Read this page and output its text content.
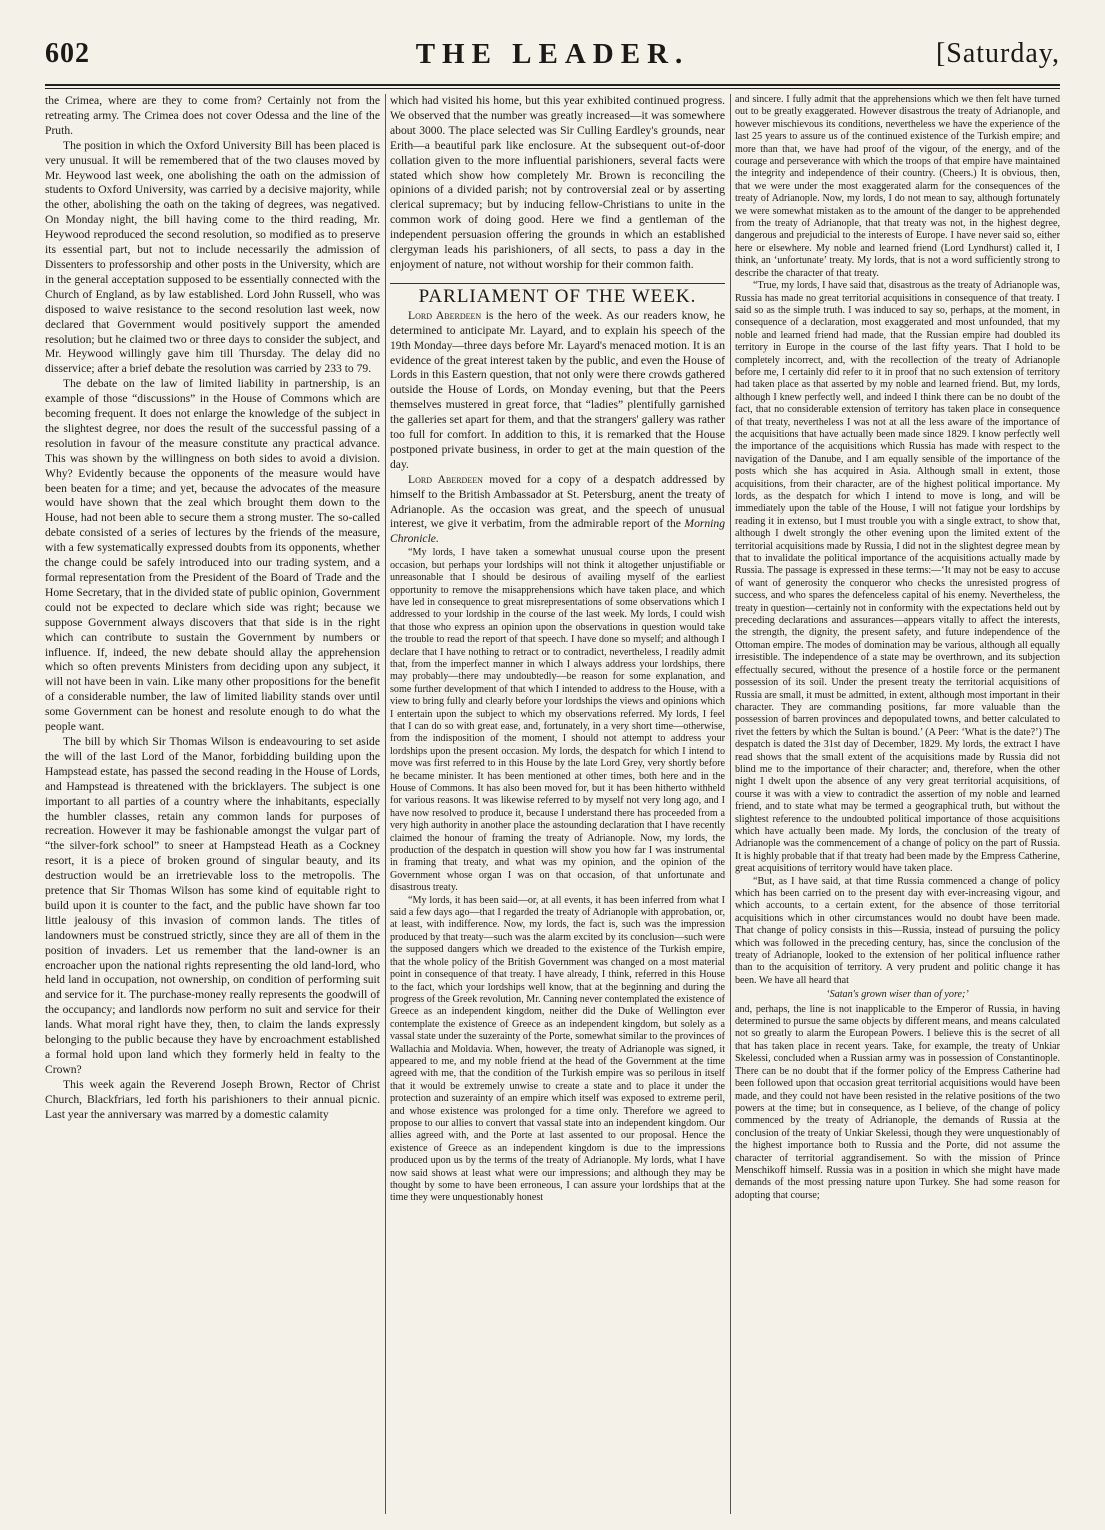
THE LEADER.
602	[Saturday,

the Crimea, where are they to come from? Certainly not from the retreating army. The Crimea does not cover Odessa and the line of the Pruth.

The position in which the Oxford University Bill has been placed is very unusual. It will be remembered that of the two clauses moved by Mr. Heywood last week, one abolishing the oath on the admission of students to Oxford University, was carried by a decisive majority, while the other, abolishing the oath on the taking of degrees, was negatived. On Monday night, the bill having come to the third reading, Mr. Heywood reproduced the second resolution, so modified as to preserve its essential part, but not to include necessarily the admission of Dissenters to professorship and other posts in the University, which are in the general acceptation supposed to be essentially connected with the Church of England, as by law established. Lord John Russell, who was disposed to waive resistance to the second resolution last week, now declared that Government would positively support the amended resolution; but he claimed two or three days to consider the subject, and Mr. Heywood willingly gave him till Thursday. The delay did no disservice; after a brief debate the resolution was carried by 233 to 79.

The debate on the law of limited liability in partnership, is an example of those “discussions” in the House of Commons which are becoming frequent. It does not enlarge the knowledge of the subject in the slightest degree, nor does the result of the successful passing of a resolution in favour of the measure constitute any practical advance. This was shown by the willingness on both sides to avoid a division. Why? Evidently because the opponents of the measure would have been beaten for a time; and yet, because the advocates of the measure would have shown that the zeal which brought them down to the House, had not been able to secure them a strong muster. The so-called debate consisted of a series of lectures by the friends of the measure, with a few systematically expressed doubts from its opponents, whether the change could be safely introduced into our trading system, and a formal representation from the President of the Board of Trade and the Home Secretary, that in the divided state of public opinion, Government could not be expected to declare which side was right; because we suppose Government always discovers that that side is in the right which can contribute to sustain the Government by numbers or influence. If, indeed, the new debate should allay the apprehension which so often prevents Ministers from deciding upon any subject, it will not have been in vain. Like many other propositions for the benefit of a considerable number, the law of limited liability stands over until some Government can be honest and resolute enough to do what the people want.

The bill by which Sir Thomas Wilson is endeavouring to set aside the will of the last Lord of the Manor, forbidding building upon the Hampstead estate, has passed the second reading in the House of Lords, and Hampstead is threatened with the bricklayers. The subject is one important to all parties of a country where the inhabitants, especially the humbler classes, retain any common lands for purposes of recreation. However it may be fashionable amongst the vulgar part of “the silver-fork school” to sneer at Hampstead Heath as a Cockney resort, it is a piece of broken ground of singular beauty, and its destruction would be an irretrievable loss to the metropolis. The pretence that Sir Thomas Wilson has some kind of equitable right to build upon it is counter to the fact, and the public have shown far too little jealousy of this invasion of common lands. The titles of landowners must be construed strictly, since they are all of them in the position of invaders. Let us remember that the land-owner is an encroacher upon the national rights representing the old land-lord, who held land in occupation, not ownership, on condition of performing suit and service for it. The purchase-money really represents the goodwill of the occupancy; and landlords now perform no suit and service for their lands. What moral right have they, then, to claim the lands expressly belonging to the public because they have by encroachment established a formal hold upon land which they formerly held in fealty to the Crown?

This week again the Reverend Joseph Brown, Rector of Christ Church, Blackfriars, led forth his parishioners to their annual picnic. Last year the anniversary was marred by a domestic calamity

which had visited his home, but this year exhibited continued progress. We observed that the number was greatly increased—it was somewhere about 3000. The place selected was Sir Culling Eardley's grounds, near Erith—a beautiful park like enclosure. At the subsequent out-of-door collation given to the more influential parishioners, several facts were stated which show how completely Mr. Brown is reconciling the opinions of a divided parish; not by controversial zeal or by asserting clerical supremacy; but by inducing fellow-Christians to unite in the common work of doing good. Here we find a gentleman of the independent persuasion offering the grounds in which an established clergyman leads his parishioners, of all sects, to pass a day in the enjoyment of nature, not without worship for their common faith.

PARLIAMENT OF THE WEEK.

Lord Aberdeen is the hero of the week. As our readers know, he determined to anticipate Mr. Layard, and to explain his speech of the 19th Monday—three days before Mr. Layard's menaced motion. It is an evidence of the great interest taken by the public, and even the House of Lords in this Eastern question, that not only were there crowds gathered outside the House of Lords, on Monday evening, but that the Peers themselves mustered in great force, that “ladies” plentifully garnished the galleries set apart for them, and that the strangers' gallery was rather too full for comfort. In addition to this, it is remarked that the House postponed private business, in order to get at the main question of the day.

Lord Aberdeen moved for a copy of a despatch addressed by himself to the British Ambassador at St. Petersburg, anent the treaty of Adrianople. As the occasion was great, and the speech of unusual interest, we give it verbatim, from the admirable report of the Morning Chronicle.

“My lords, I have taken a somewhat unusual course upon the present occasion, but perhaps your lordships will not think it altogether unjustifiable or unreasonable that I should be desirous of availing myself of the earliest opportunity to remove the misapprehensions which have taken place, and which have led in consequence to great misrepresentations of some observations which I addressed to your lordship in the course of the last week. My lords, I could wish that those who express an opinion upon the observations in question would take the trouble to read the report of that speech. I have done so myself; and although I declare that I have nothing to retract or to contradict, nevertheless, I readily admit that, from the imperfect manner in which I always address your lordships, there may probably—there may undoubtedly—be reason for some explanation, and some further development of that which I intended to address to the House, with a view to bring fully and clearly before your lordships the views and opinions which I entertain upon the subject to which my observations referred. My lords, I feel that I can do so with great ease, and, fortunately, in a very short time—otherwise, from the indisposition of the moment, I should not attempt to address your lordships upon the present occasion. My lords, the despatch for which I intend to move was first referred to in this House by the late Lord Grey, very shortly before he became minister. It has been mentioned at other times, both here and in the House of Commons. It has also been moved for, but it has been hitherto withheld for various reasons. It was likewise referred to by myself not very long ago, and I have now resolved to produce it, because I understand there has proceeded from a very high authority in another place the astounding declaration that I have recently claimed the honour of framing the treaty of Adrianople. Now, my lords, the production of the despatch in question will show you how far I was instrumental in framing that treaty, and what was my opinion, and the opinion of the Government whose organ I was on that occasion, of that unfortunate and disastrous treaty.

“My lords, it has been said—or, at all events, it has been inferred from what I said a few days ago—that I regarded the treaty of Adrianople with approbation, or, at least, with indifference. Now, my lords, the fact is, such was the impression produced by that treaty—such was the alarm excited by its conclusion—such were the supposed dangers which we dreaded to the existence of the Turkish empire, that the whole policy of the British Government was changed on a most material point in consequence of that treaty. I have already, I think, referred in this House to the fact, which your lordships well know, that at the beginning and during the progress of the Greek revolution, Mr. Canning never contemplated the existence of Greece as an independent kingdom, neither did the Duke of Wellington ever contemplate the existence of Greece as an independent kingdom, but solely as a vassal state under the suzerainty of the Porte, somewhat similar to the provinces of Wallachia and Moldavia. When, however, the treaty of Adrianople was signed, it appeared to me, and my noble friend at the head of the Government at the time agreed with me, that the condition of the Turkish empire was so perilous in itself that it would be extremely unwise to create a state and to place it under the protection and suzerainty of an empire which itself was exposed to extreme peril, and whose existence was prolonged for a time only. Therefore we agreed to propose to our allies to convert that vassal state into an independent kingdom. Our allies agreed with, and the Porte at last assented to our proposal. Hence the existence of Greece as an independent kingdom is due to the impressions produced upon us by the terms of the treaty of Adrianople. My lords, what I have now said shows at least what were our impressions; and although they may be thought by some to have been erroneous, I can assure your lordships that at the time they were unquestionably honest

and sincere. I fully admit that the apprehensions which we then felt have turned out to be greatly exaggerated. However disastrous the treaty of Adrianople, and however mischievous its conditions, nevertheless we have the experience of the last 25 years to assure us of the continued existence of the Turkish empire; and more than that, we have had proof of the vigour, of the energy, and of the courage and perseverance with which the troops of that empire have maintained the integrity and independence of their country. (Cheers.) It is obvious, then, that we were under the most exaggerated alarm for the consequences of the treaty of Adrianople. Now, my lords, I do not mean to say, although fortunately we were somewhat mistaken as to the amount of the danger to be apprehended from the treaty of Adrianople, that that treaty was not, in the highest degree, dangerous and prejudicial to the interests of Europe. I have never said so, either here or elsewhere. My noble and learned friend (Lord Lyndhurst) called it, I think, an ‘unfortunate’ treaty. My lords, that is not a word sufficiently strong to describe the character of that treaty.

“True, my lords, I have said that, disastrous as the treaty of Adrianople was, Russia has made no great territorial acquisitions in consequence of that treaty. I said so as the simple truth. I was induced to say so, perhaps, at the moment, in consequence of a declaration, most exaggerated and most unfounded, that my noble and learned friend had made, that the Russian empire had doubled its territory in Europe in the course of the last fifty years. That I hold to be completely incorrect, and, with the recollection of the treaty of Adrianople before me, I certainly did refer to it in proof that no such extension of territory had taken place as that asserted by my noble and learned friend. But, my lords, although I knew perfectly well, and indeed I think there can be no doubt of the fact, that no considerable extension of territory has taken place in consequence of that treaty, nevertheless I was not at all the less aware of the importance of the acquisitions that have actually been made since 1829. I know perfectly well the importance of the acquisitions which Russia has made with respect to the navigation of the Danube, and I am equally sensible of the importance of the posts which she has acquired in Asia. Although small in extent, those acquisitions, from their character, are of the highest political importance. My lords, as the despatch for which I intend to move is long, and will be immediately upon the table of the House, I will not fatigue your lordships by reading it in extenso, but I must trouble you with a single extract, to show that, although I dwelt strongly the other evening upon the limited extent of the territorial acquisitions made by Russia, I did not in the slightest degree mean by that to invalidate the political importance of the acquisitions actually made by Russia. The passage is expressed in these terms:—‘It may not be easy to accuse of want of generosity the conqueror who checks the unresisted progress of success, and who spares the defenceless capital of his enemy. Nevertheless, the treaty in question—certainly not in conformity with the expectations held out by preceding declarations and assurances—appears vitally to affect the interests, the strength, the dignity, the present safety, and future independence of the Ottoman empire. The modes of domination may be various, although all equally irresistible. The independence of a state may be overthrown, and its subjection effectually secured, without the presence of a hostile force or the permanent possession of its soil. Under the present treaty the territorial acquisitions of Russia are small, it must be admitted, in extent, although most important in their character. They are commanding positions, far more valuable than the possession of barren provinces and depopulated towns, and better calculated to rivet the fetters by which the Sultan is bound.’ (A Peer: ‘What is the date?’) The despatch is dated the 31st day of December, 1829. My lords, the extract I have read shows that the small extent of the acquisitions made by Russia did not blind me to the importance of their character; and, therefore, when the other night I dwelt upon the absence of any very great territorial acquisitions, of course it was with a view to contradict the assertion of my noble and learned friend, and to state what may be termed a geographical truth, but without the slightest reference to the undoubted political importance of those acquisitions which have actually been made. My lords, the conclusion of the treaty of Adrianople was the commencement of a change of policy on the part of Russia. It is highly probable that if that treaty had been made by the Empress Catherine, great acquisitions of territory would have taken place.

“But, as I have said, at that time Russia commenced a change of policy which has been carried on to the present day with ever-increasing vigour, and which accounts, to a certain extent, for the absence of those territorial acquisitions which in other circumstances would no doubt have been made. That change of policy consists in this—Russia, instead of pursuing the policy which was followed in the preceding century, has, since the conclusion of the treaty of Adrianople, looked to the extension of her political influence rather than to the acquisition of territory. A very prudent and politic change it has been. We have all heard that

‘Satan's grown wiser than of yore;’

and, perhaps, the line is not inapplicable to the Emperor of Russia, in having determined to pursue the same objects by different means, and means calculated not so greatly to alarm the European Powers. I believe this is the secret of all that has taken place in recent years. Take, for example, the treaty of Unkiar Skelessi, concluded when a Russian army was in possession of Constantinople. There can be no doubt that if the former policy of the Empress Catherine had been followed upon that occasion great territorial acquisitions would have been made, and they could not have been resisted in the relative positions of the two powers at the time; but in consequence, as I believe, of the change of policy commenced by the treaty of Adrianople, the demands of Russia at the conclusion of the treaty of Unkiar Skelessi, though they were unquestionably of the highest importance both to Russia and the Porte, did not assume the character of territorial aggrandisement. So with the mission of Prince Menschikoff himself. Russia was in a position in which she might have made demands of the most pressing nature upon Turkey. She had some reason for adopting that course;
